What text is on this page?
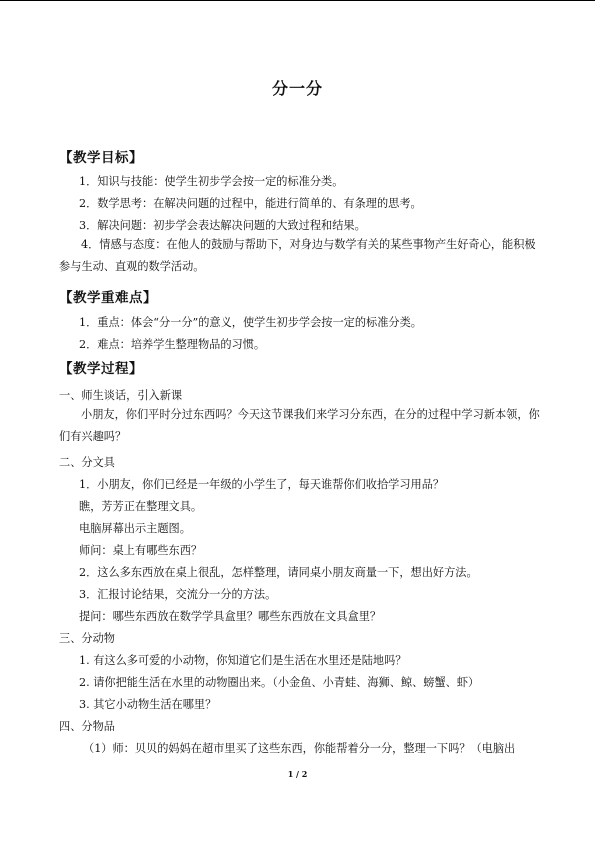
分一分
【教学目标】
1．知识与技能：使学生初步学会按一定的标准分类。
2．数学思考：在解决问题的过程中，能进行简单的、有条理的思考。
3．解决问题：初步学会表达解决问题的大致过程和结果。
4．情感与态度：在他人的鼓励与帮助下，对身边与数学有关的某些事物产生好奇心，能积极参与生动、直观的数学活动。
【教学重难点】
1．重点：体会“分一分”的意义，使学生初步学会按一定的标准分类。
2．难点：培养学生整理物品的习惯。
【教学过程】
一、师生谈话，引入新课
小朋友，你们平时分过东西吗？今天这节课我们来学习分东西，在分的过程中学习新本领，你们有兴趣吗？
二、分文具
1．小朋友，你们已经是一年级的小学生了，每天谁帮你们收拾学习用品？
瞧，芳芳正在整理文具。
电脑屏幕出示主题图。
师问：桌上有哪些东西？
2．这么多东西放在桌上很乱，怎样整理，请同桌小朋友商量一下，想出好方法。
3．汇报讨论结果，交流分一分的方法。
提问：哪些东西放在数学学具盒里？哪些东西放在文具盒里？
三、分动物
1. 有这么多可爱的小动物，你知道它们是生活在水里还是陆地吗？
2. 请你把能生活在水里的动物圈出来。（小金鱼、小青蛙、海狮、鲸、螃蟹、虾）
3. 其它小动物生活在哪里？
四、分物品
（1）师：贝贝的妈妈在超市里买了这些东西，你能帮着分一分，整理一下吗？（电脑出
1 / 2
